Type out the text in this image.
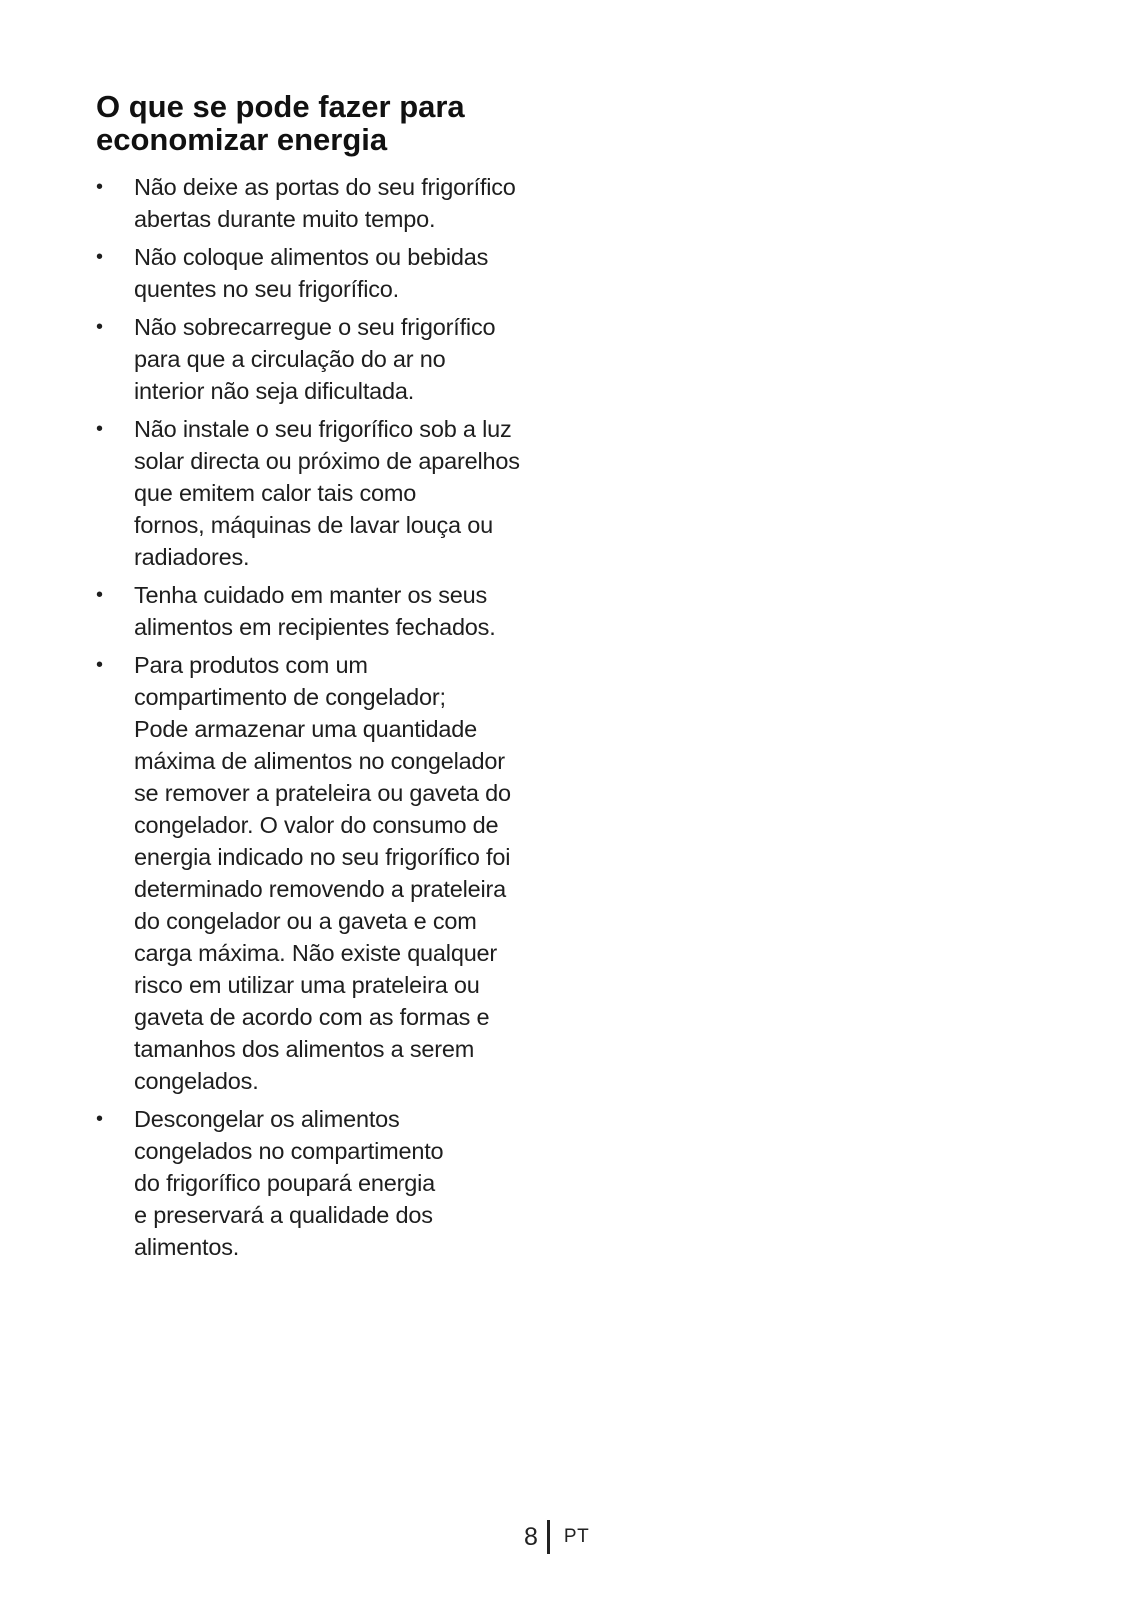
O que se pode fazer para
economizar energia
•	Não deixe as portas do seu frigorífico
abertas durante muito tempo.
•	Não coloque alimentos ou bebidas
quentes no seu frigorífico.
•	Não sobrecarregue o seu frigorífico
para que a circulação do ar no
interior não seja dificultada.
•	Não instale o seu frigorífico sob a luz
solar directa ou próximo de aparelhos
que emitem calor tais como
fornos, máquinas de lavar louça ou
radiadores.
•	Tenha cuidado em manter os seus
alimentos em recipientes fechados.
•	Para produtos com um
compartimento de congelador;
Pode armazenar uma quantidade
máxima de alimentos no congelador
se remover a prateleira ou gaveta do
congelador. O valor do consumo de
energia indicado no seu frigorífico foi
determinado removendo a prateleira
do congelador ou a gaveta e com
carga máxima. Não existe qualquer
risco em utilizar uma prateleira ou
gaveta de acordo com as formas e
tamanhos dos alimentos a serem
congelados.
•	Descongelar os alimentos
congelados no compartimento
do frigorífico poupará energia
e preservará a qualidade dos
alimentos.
8 PT
